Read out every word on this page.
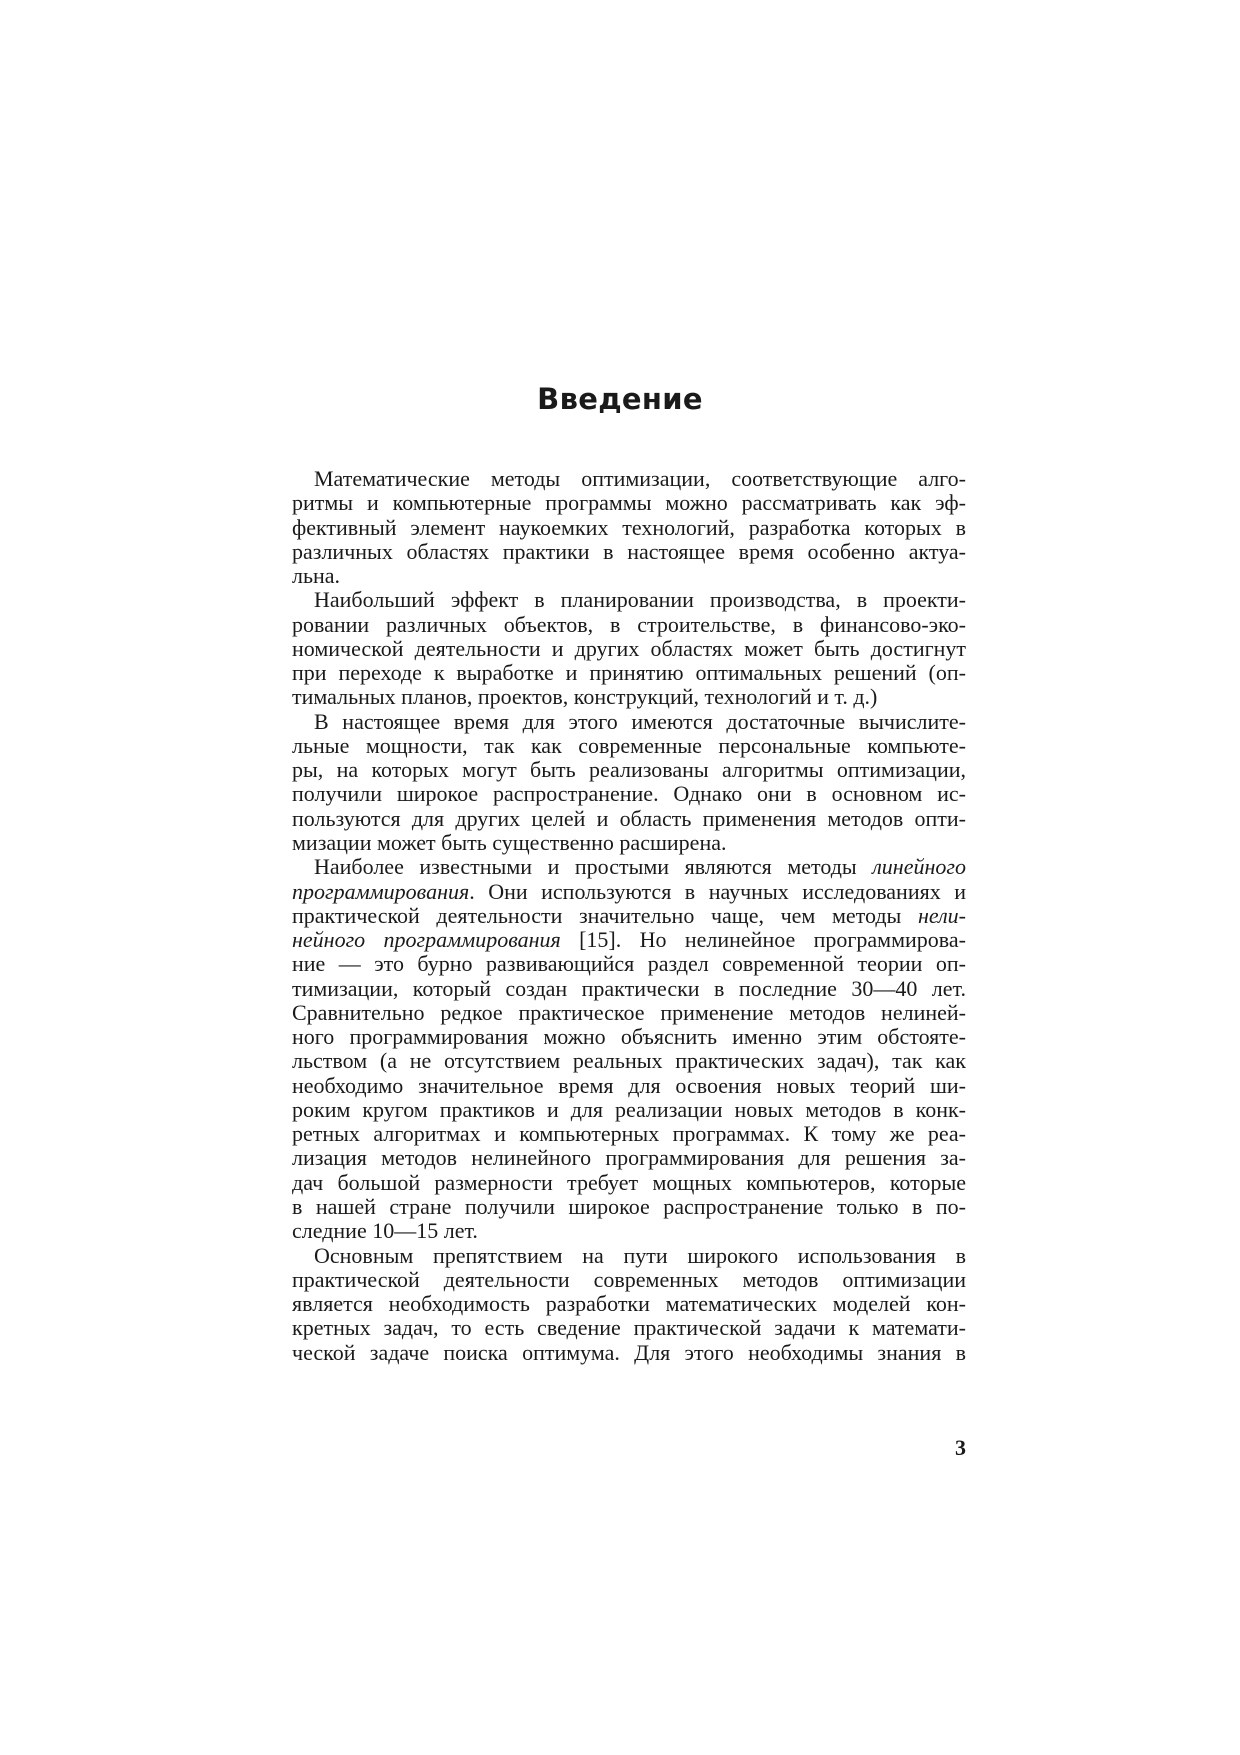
Введение
Математические методы оптимизации, соответствующие алго-
ритмы и компьютерные программы можно рассматривать как эф-
фективный элемент наукоемких технологий, разработка которых в
различных областях практики в настоящее время особенно актуа-
льна.
Наибольший эффект в планировании производства, в проекти-
ровании различных объектов, в строительстве, в финансово-эко-
номической деятельности и других областях может быть достигнут
при переходе к выработке и принятию оптимальных решений (оп-
тимальных планов, проектов, конструкций, технологий и т. д.)
В настоящее время для этого имеются достаточные вычислите-
льные мощности, так как современные персональные компьюте-
ры, на которых могут быть реализованы алгоритмы оптимизации,
получили широкое распространение. Однако они в основном ис-
пользуются для других целей и область применения методов опти-
мизации может быть существенно расширена.
Наиболее известными и простыми являются методы линейного
программирования. Они используются в научных исследованиях и
практической деятельности значительно чаще, чем методы нели-
нейного программирования [15]. Но нелинейное программирова-
ние — это бурно развивающийся раздел современной теории оп-
тимизации, который создан практически в последние 30—40 лет.
Сравнительно редкое практическое применение методов нелиней-
ного программирования можно объяснить именно этим обстояте-
льством (а не отсутствием реальных практических задач), так как
необходимо значительное время для освоения новых теорий ши-
роким кругом практиков и для реализации новых методов в конк-
ретных алгоритмах и компьютерных программах. К тому же реа-
лизация методов нелинейного программирования для решения за-
дач большой размерности требует мощных компьютеров, которые
в нашей стране получили широкое распространение только в по-
следние 10—15 лет.
Основным препятствием на пути широкого использования в
практической деятельности современных методов оптимизации
является необходимость разработки математических моделей кон-
кретных задач, то есть сведение практической задачи к математи-
ческой задаче поиска оптимума. Для этого необходимы знания в
3
